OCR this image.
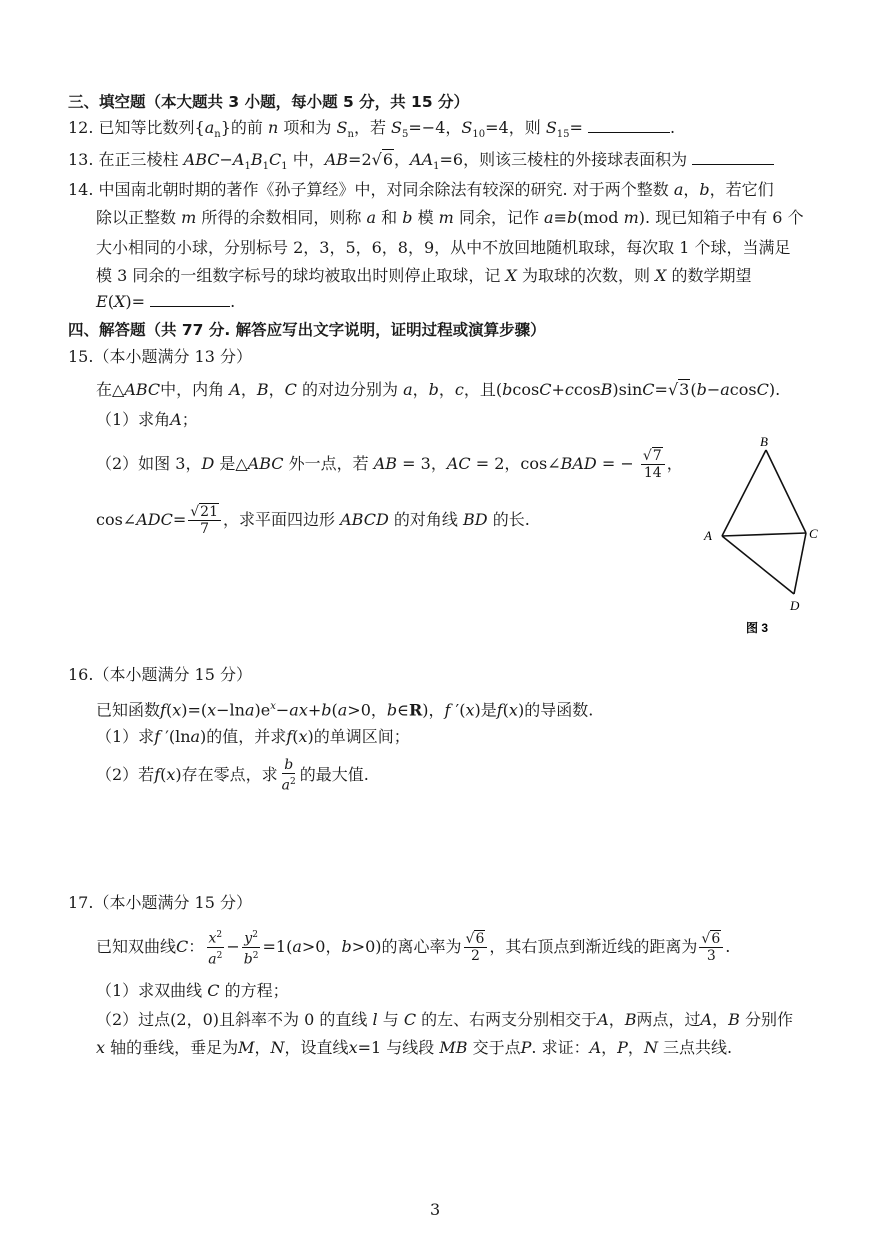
三、填空题（本大题共 3 小题，每小题 5 分，共 15 分）
12. 已知等比数列$\{a_n\}$的前 n 项和为 $S_n$，若 $S_5=-4$，$S_{10}=4$，则 $S_{15}=$	.
13. 在正三棱柱 $ABC-A_1B_1C_1$ 中，AB=2√6，$AA_1=6$，则该三棱柱的外接球表面积为
14. 中国南北朝时期的著作《孙子算经》中，对同余除法有较深的研究. 对于两个整数 a，b，若它们
除以正整数 m 所得的余数相同，则称 a 和 b 模 m 同余，记作 a≡b(mod m). 现已知箱子中有 6 个
大小相同的小球，分别标号 2，3，5，6，8，9，从中不放回地随机取球，每次取 1 个球，当满足
模 3 同余的一组数字标号的球均被取出时则停止取球，记 X 为取球的次数，则 X 的数学期望
E(X)=	.
四、解答题（共 77 分. 解答应写出文字说明，证明过程或演算步骤）
15.（本小题满分 13 分）
在△ABC中，内角 A，B，C 的对边分别为 a，b，c，且(bcosC+ccosB)sinC=√3(b−acosC).
（1）求角A；
（2）如图 3，D 是△ABC 外一点，若 AB = 3，AC = 2，cos∠BAD = − $\frac{√7}{14}$ ，
cos∠ADC= $\frac{√21}{7}$ ，求平面四边形 ABCD 的对角线 BD 的长.
B
A	C
D
图 3
16.（本小题满分 15 分）
已知函数$f(x)=(x-\ln a)e^x-ax+b(a>0$，b∈R)，f ′(x)是f(x)的导函数.
（1）求f ′(lna)的值，并求f(x)的单调区间；
（2）若f(x)存在零点，求 $\frac{b}{a^2}$ 的最大值.
17.（本小题满分 15 分）
已知双曲线C： $\frac{x^2}{a^2} - \frac{y^2}{b^2} =1(a>0$，b>0)的离心率为 $\frac{√6}{2}$ ，其右顶点到渐近线的距离为 $\frac{√6}{3}$ .
（1）求双曲线 C 的方程；
（2）过点(2，0)且斜率不为 0 的直线 l 与 C 的左、右两支分别相交于A，B两点，过A，B 分别作
x 轴的垂线，垂足为M，N，设直线x=1 与线段 MB 交于点P. 求证：A，P，N 三点共线.
3
